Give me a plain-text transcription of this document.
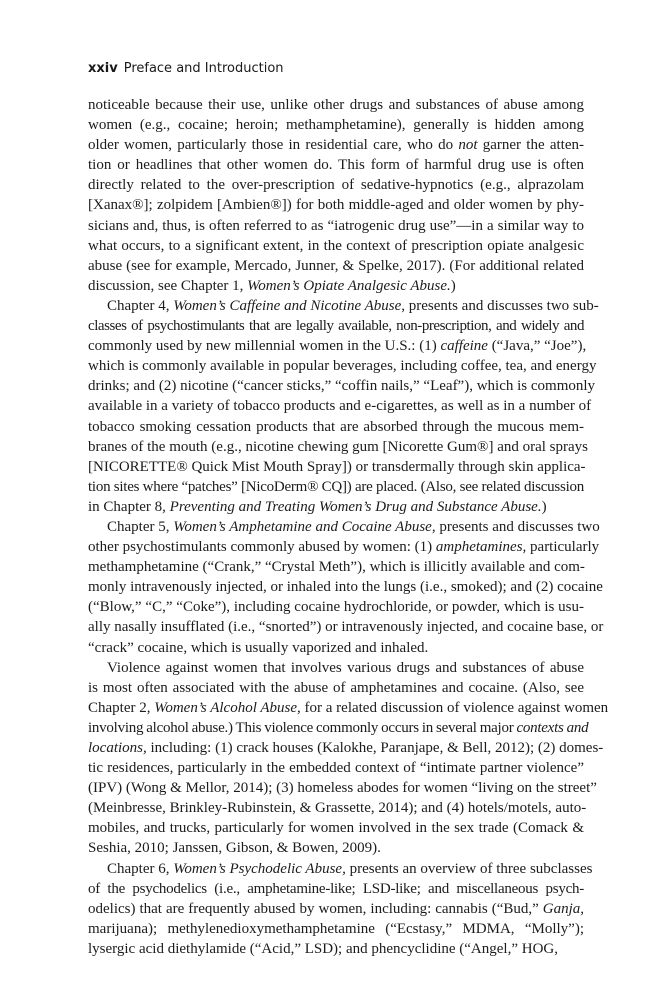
xxiv Preface and Introduction
noticeable because their use, unlike other drugs and substances of abuse among
women (e.g., cocaine; heroin; methamphetamine), generally is hidden among
older women, particularly those in residential care, who do not garner the atten-
tion or headlines that other women do. This form of harmful drug use is often
directly related to the over-prescription of sedative-hypnotics (e.g., alprazolam
[Xanax®]; zolpidem [Ambien®]) for both middle-aged and older women by phy-
sicians and, thus, is often referred to as “iatrogenic drug use”—in a similar way to
what occurs, to a significant extent, in the context of prescription opiate analgesic
abuse (see for example, Mercado, Junner, & Spelke, 2017). (For additional related
discussion, see Chapter 1, Women’s Opiate Analgesic Abuse.)
Chapter 4, Women’s Caffeine and Nicotine Abuse, presents and discusses two sub-
classes of psychostimulants that are legally available, non-prescription, and widely and
commonly used by new millennial women in the U.S.: (1) caffeine (“Java,” “Joe”),
which is commonly available in popular beverages, including coffee, tea, and energy
drinks; and (2) nicotine (“cancer sticks,” “coffin nails,” “Leaf”), which is commonly
available in a variety of tobacco products and e-cigarettes, as well as in a number of
tobacco smoking cessation products that are absorbed through the mucous mem-
branes of the mouth (e.g., nicotine chewing gum [Nicorette Gum®] and oral sprays
[NICORETTE® Quick Mist Mouth Spray]) or transdermally through skin applica-
tion sites where “patches” [NicoDerm® CQ]) are placed. (Also, see related discussion
in Chapter 8, Preventing and Treating Women’s Drug and Substance Abuse.)
Chapter 5, Women’s Amphetamine and Cocaine Abuse, presents and discusses two
other psychostimulants commonly abused by women: (1) amphetamines, particularly
methamphetamine (“Crank,” “Crystal Meth”), which is illicitly available and com-
monly intravenously injected, or inhaled into the lungs (i.e., smoked); and (2) cocaine
(“Blow,” “C,” “Coke”), including cocaine hydrochloride, or powder, which is usu-
ally nasally insufflated (i.e., “snorted”) or intravenously injected, and cocaine base, or
“crack” cocaine, which is usually vaporized and inhaled.
Violence against women that involves various drugs and substances of abuse
is most often associated with the abuse of amphetamines and cocaine. (Also, see
Chapter 2, Women’s Alcohol Abuse, for a related discussion of violence against women
involving alcohol abuse.) This violence commonly occurs in several major contexts and
locations, including: (1) crack houses (Kalokhe, Paranjape, & Bell, 2012); (2) domes-
tic residences, particularly in the embedded context of “intimate partner violence”
(IPV) (Wong & Mellor, 2014); (3) homeless abodes for women “living on the street”
(Meinbresse, Brinkley-Rubinstein, & Grassette, 2014); and (4) hotels/motels, auto-
mobiles, and trucks, particularly for women involved in the sex trade (Comack &
Seshia, 2010; Janssen, Gibson, & Bowen, 2009).
Chapter 6, Women’s Psychodelic Abuse, presents an overview of three subclasses
of the psychodelics (i.e., amphetamine-like; LSD-like; and miscellaneous psych-
odelics) that are frequently abused by women, including: cannabis (“Bud,” Ganja,
marijuana); methylenedioxymethamphetamine (“Ecstasy,” MDMA, “Molly”);
lysergic acid diethylamide (“Acid,” LSD); and phencyclidine (“Angel,” HOG,
